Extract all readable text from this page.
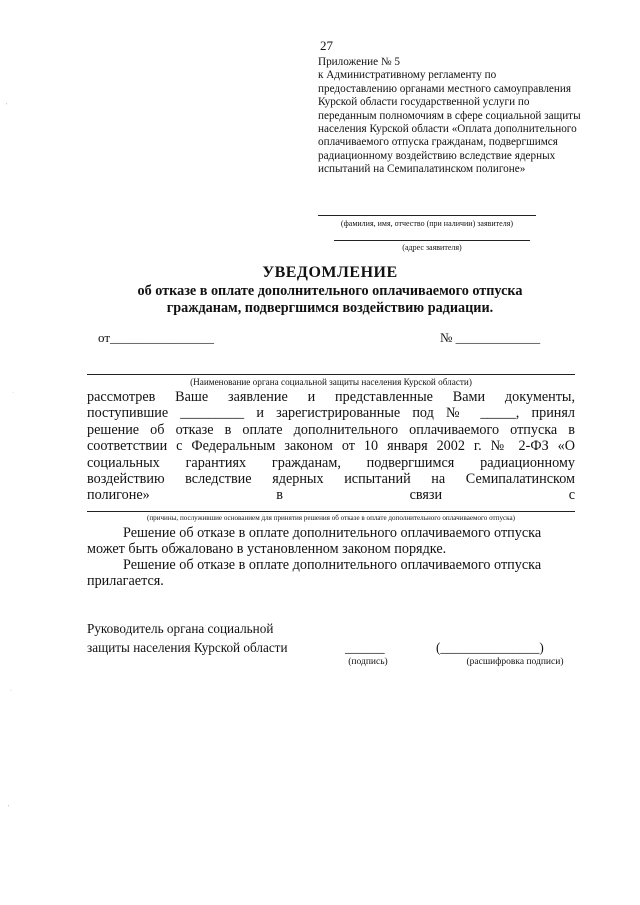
27
Приложение № 5
к Административному регламенту по
предоставлению органами местного самоуправления
Курской области государственной услуги по
переданным полномочиям в сфере социальной защиты
населения Курской области «Оплата дополнительного
оплачиваемого отпуска гражданам, подвергшимся
радиационному воздействию вследствие ядерных
испытаний на Семипалатинском полигоне»
(фамилия, имя, отчество (при наличии) заявителя)
(адрес заявителя)
УВЕДОМЛЕНИЕ
об отказе в оплате дополнительного оплачиваемого отпуска
гражданам, подвергшимся воздействию радиации.
от________________	№ _____________
(Наименование органа социальной защиты населения Курской области)
рассмотрев Ваше заявление и представленные Вами документы,
поступившие _________ и зарегистрированные под № _____, принял
решение об отказе в оплате дополнительного оплачиваемого отпуска в
соответствии с Федеральным законом от 10 января 2002 г. № 2-ФЗ «О
социальных гарантиях гражданам, подвергшимся радиационному
воздействию вследствие ядерных испытаний на Семипалатинском
полигоне» в связи с
(причины, послужившие основанием для принятия решения об отказе в оплате дополнительного оплачиваемого отпуска)
Решение об отказе в оплате дополнительного оплачиваемого отпуска
может быть обжаловано в установленном законом порядке.
Решение об отказе в оплате дополнительного оплачиваемого отпуска
прилагается.
Руководитель органа социальной
защиты населения Курской области	______
(подпись)
(_______________)
(расшифровка подписи)
'
·
·
'
